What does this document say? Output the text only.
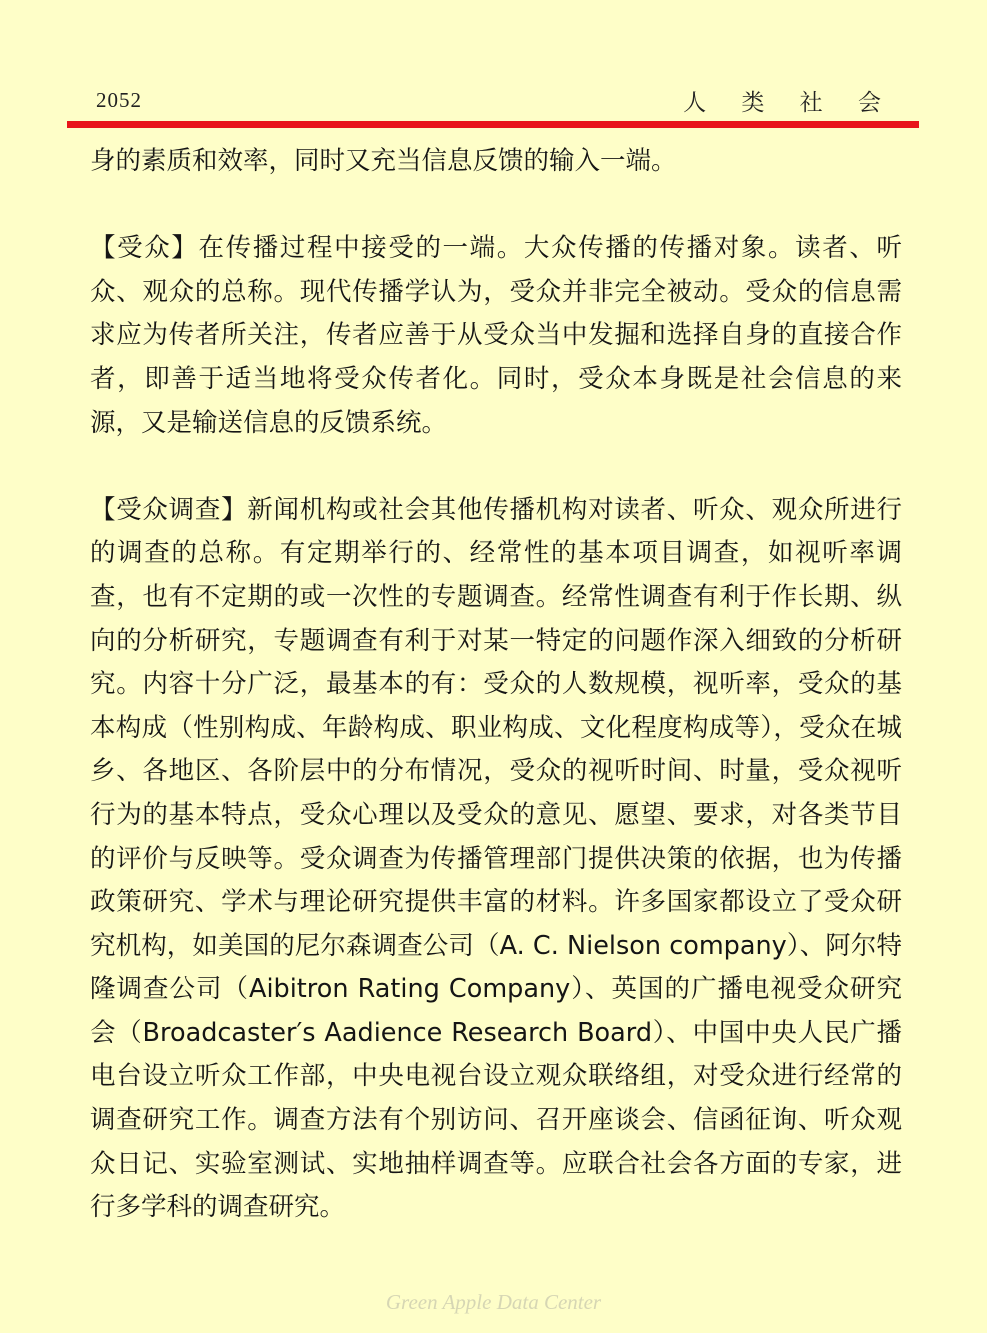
2052	人 类 社 会

身的素质和效率，同时又充当信息反馈的输入一端。

【受众】在传播过程中接受的一端。大众传播的传播对象。读者、听众、观众的总称。现代传播学认为，受众并非完全被动。受众的信息需求应为传者所关注，传者应善于从受众当中发掘和选择自身的直接合作者，即善于适当地将受众传者化。同时，受众本身既是社会信息的来源，又是输送信息的反馈系统。

【受众调查】新闻机构或社会其他传播机构对读者、听众、观众所进行的调查的总称。有定期举行的、经常性的基本项目调查，如视听率调查，也有不定期的或一次性的专题调查。经常性调查有利于作长期、纵向的分析研究，专题调查有利于对某一特定的问题作深入细致的分析研究。内容十分广泛，最基本的有：受众的人数规模，视听率，受众的基本构成（性别构成、年龄构成、职业构成、文化程度构成等），受众在城乡、各地区、各阶层中的分布情况，受众的视听时间、时量，受众视听行为的基本特点，受众心理以及受众的意见、愿望、要求，对各类节目的评价与反映等。受众调查为传播管理部门提供决策的依据，也为传播政策研究、学术与理论研究提供丰富的材料。许多国家都设立了受众研究机构，如美国的尼尔森调查公司（A. C. Nielson company）、阿尔特隆调查公司（Aibitron Rating Company）、英国的广播电视受众研究会（Broadcaster′s Aadience Research Board）、中国中央人民广播电台设立听众工作部，中央电视台设立观众联络组，对受众进行经常的调查研究工作。调查方法有个别访问、召开座谈会、信函征询、听众观众日记、实验室测试、实地抽样调查等。应联合社会各方面的专家，进行多学科的调查研究。

Green Apple Data Center
